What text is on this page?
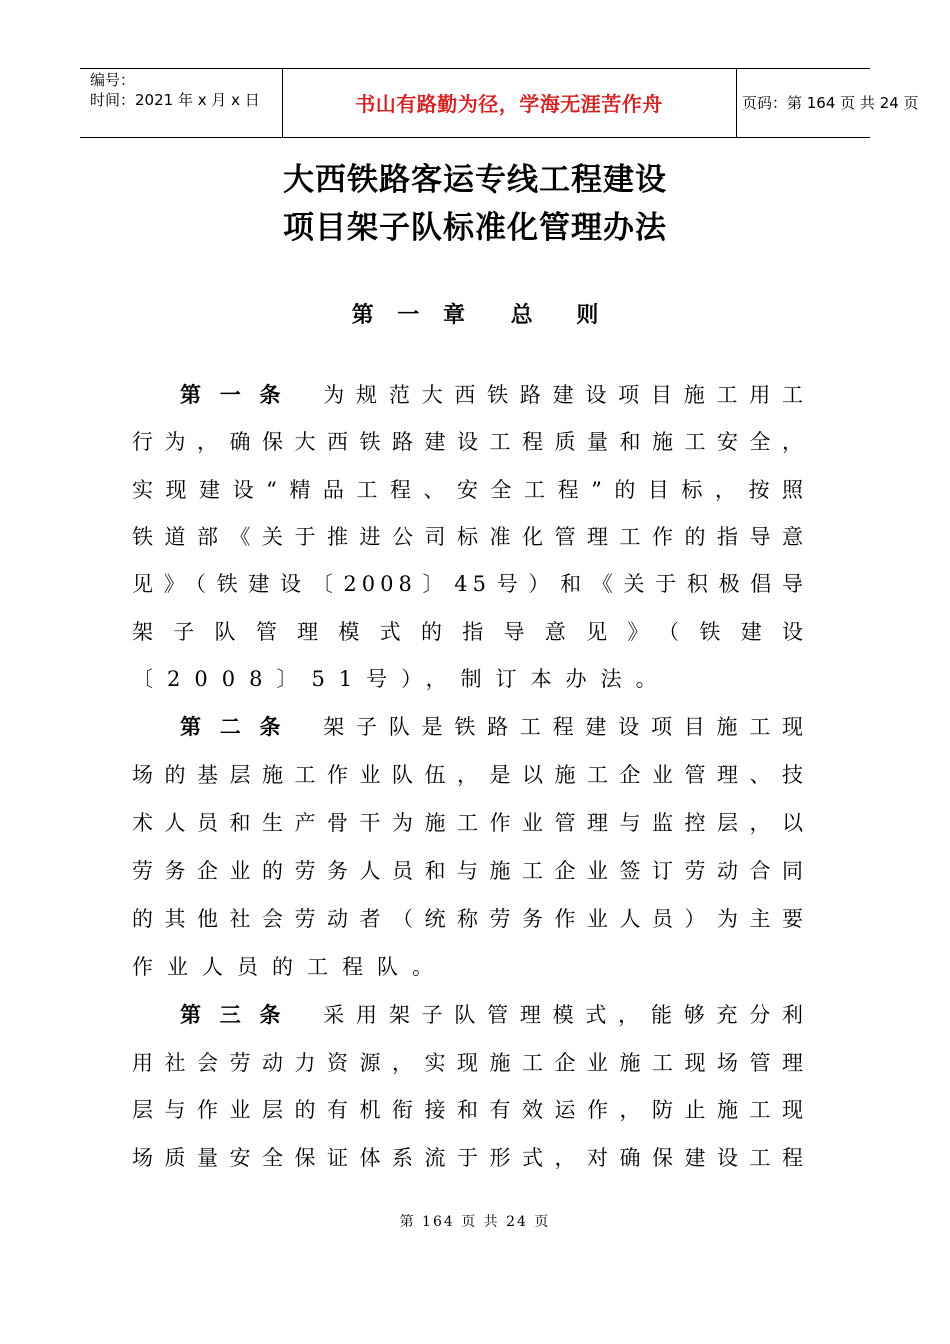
编号：
时间：2021 年 x 月 x 日	书山有路勤为径，学海无涯苦作舟	页码：第 164 页 共 24 页
大西铁路客运专线工程建设
项目架子队标准化管理办法
第 一 章 总 则
第一条 为规范大西铁路建设项目施工用工
行为，确保大西铁路建设工程质量和施工安全，
实现建设“精品工程、安全工程”的目标，按照
铁道部《关于推进公司标准化管理工作的指导意
见》（铁建设〔2008〕45号）和《关于积极倡导
架子队管理模式的指导意见》（铁建设
〔2008〕51号），制订本办法。
第二条 架子队是铁路工程建设项目施工现
场的基层施工作业队伍，是以施工企业管理、技
术人员和生产骨干为施工作业管理与监控层，以
劳务企业的劳务人员和与施工企业签订劳动合同
的其他社会劳动者（统称劳务作业人员）为主要
作业人员的工程队。
第三条 采用架子队管理模式，能够充分利
用社会劳动力资源，实现施工企业施工现场管理
层与作业层的有机衔接和有效运作，防止施工现
场质量安全保证体系流于形式，对确保建设工程
第 164 页 共 24 页
